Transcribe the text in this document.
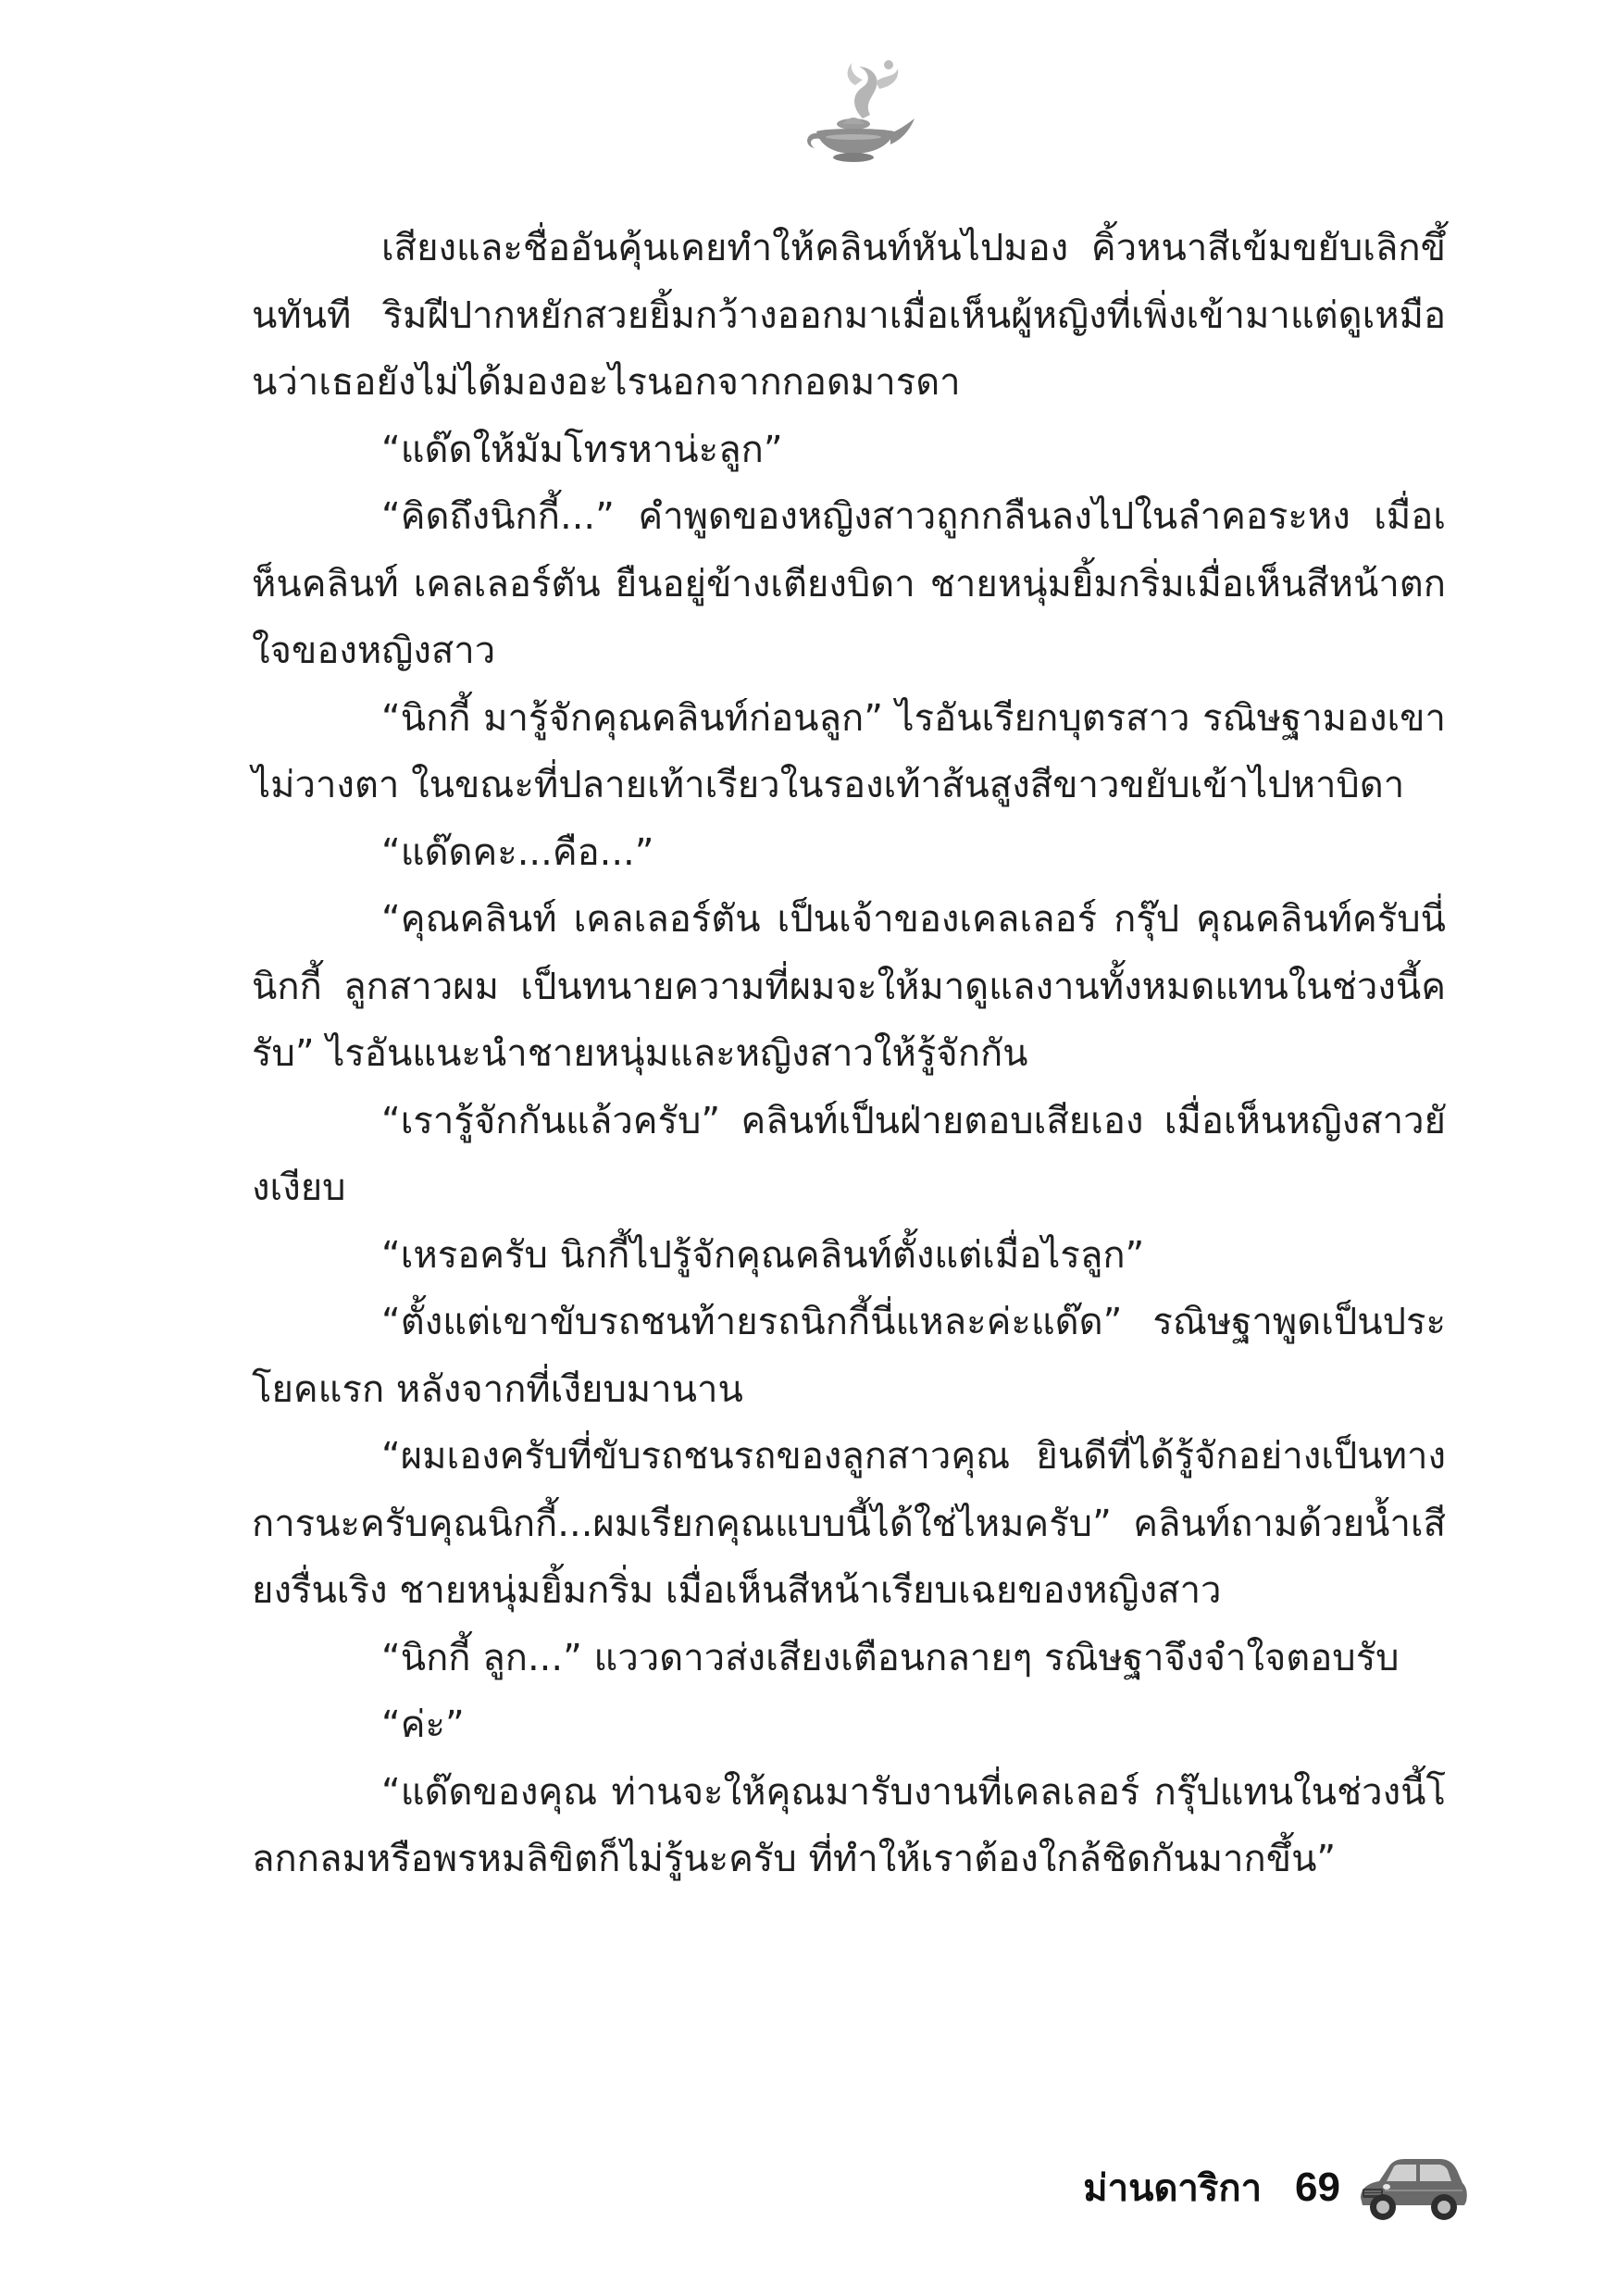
เสียงและชื่ออันคุ้นเคยทำให้คลินท์หันไปมอง คิ้วหนาสีเข้มขยับเลิกขึ้นทันที ริมฝีปากหยักสวยยิ้มกว้างออกมาเมื่อเห็นผู้หญิงที่เพิ่งเข้ามาแต่ดูเหมือนว่าเธอยังไม่ได้มองอะไรนอกจากกอดมารดา

“แด๊ดให้มัมโทรหาน่ะลูก”

“คิดถึงนิกกี้...” คำพูดของหญิงสาวถูกกลืนลงไปในลำคอระหง เมื่อเห็นคลินท์ เคลเลอร์ตัน ยืนอยู่ข้างเตียงบิดา ชายหนุ่มยิ้มกริ่มเมื่อเห็นสีหน้าตกใจของหญิงสาว

“นิกกี้ มารู้จักคุณคลินท์ก่อนลูก” ไรอันเรียกบุตรสาว รณิษฐามองเขาไม่วางตา ในขณะที่ปลายเท้าเรียวในรองเท้าส้นสูงสีขาวขยับเข้าไปหาบิดา

“แด๊ดคะ...คือ...”

“คุณคลินท์ เคลเลอร์ตัน เป็นเจ้าของเคลเลอร์ กรุ๊ป คุณคลินท์ครับนี่นิกกี้ ลูกสาวผม เป็นทนายความที่ผมจะให้มาดูแลงานทั้งหมดแทนในช่วงนี้ครับ” ไรอันแนะนำชายหนุ่มและหญิงสาวให้รู้จักกัน

“เรารู้จักกันแล้วครับ” คลินท์เป็นฝ่ายตอบเสียเอง เมื่อเห็นหญิงสาวยังเงียบ

“เหรอครับ นิกกี้ไปรู้จักคุณคลินท์ตั้งแต่เมื่อไรลูก”

“ตั้งแต่เขาขับรถชนท้ายรถนิกกี้นี่แหละค่ะแด๊ด” รณิษฐาพูดเป็นประโยคแรก หลังจากที่เงียบมานาน

“ผมเองครับที่ขับรถชนรถของลูกสาวคุณ ยินดีที่ได้รู้จักอย่างเป็นทางการนะครับคุณนิกกี้...ผมเรียกคุณแบบนี้ได้ใช่ไหมครับ” คลินท์ถามด้วยน้ำเสียงรื่นเริง ชายหนุ่มยิ้มกริ่ม เมื่อเห็นสีหน้าเรียบเฉยของหญิงสาว

“นิกกี้ ลูก...” แววดาวส่งเสียงเตือนกลายๆ รณิษฐาจึงจำใจตอบรับ

“ค่ะ”

“แด๊ดของคุณ ท่านจะให้คุณมารับงานที่เคลเลอร์ กรุ๊ปแทนในช่วงนี้โลกกลมหรือพรหมลิขิตก็ไม่รู้นะครับ ที่ทำให้เราต้องใกล้ชิดกันมากขึ้น”

ม่านดาริกา 69
